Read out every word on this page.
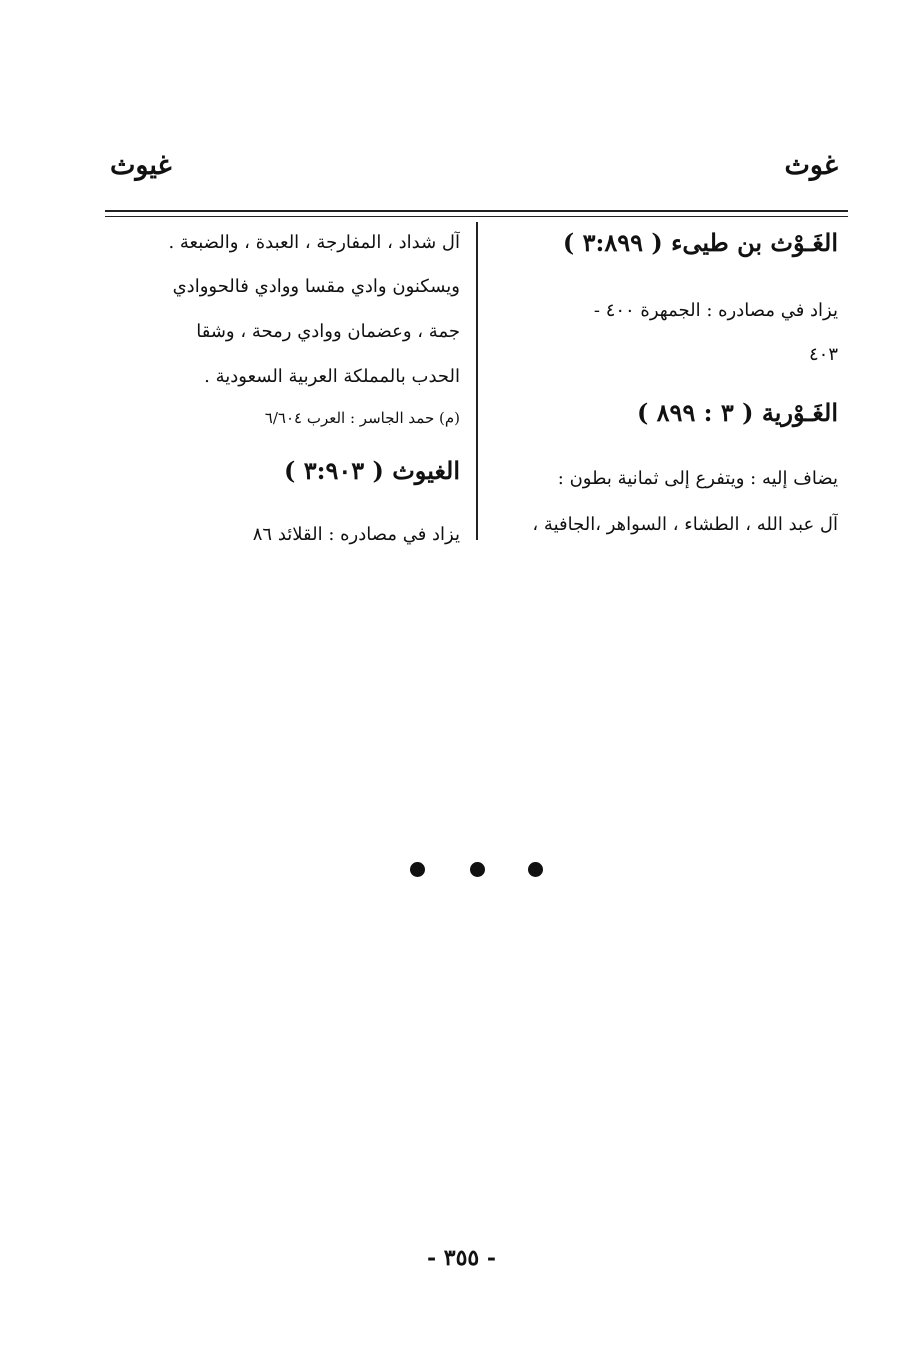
غوث
غيوث
الغَـوْث بن طيىء ( ٣:٨٩٩ )
يزاد في مصادره : الجمهرة ٤٠٠ -
٤٠٣
الغَـوْرية ( ٣ : ٨٩٩ )
يضاف إليه : ويتفرع إلى ثمانية بطون :
آل عبد الله ، الطشاء ، السواهر ،الجافية ،
آل شداد ، المفارجة ، العبدة ، والضبعة .
ويسكنون وادي مقسا ووادي فالحووادي
جمة ، وعضمان ووادي رمحة ، وشقا
الحدب بالمملكة العربية السعودية .
(م) حمد الجاسر : العرب ٦/٦٠٤
الغيوث ( ٣:٩٠٣ )
يزاد في مصادره : القلائد ٨٦
- ٣٥٥ -
